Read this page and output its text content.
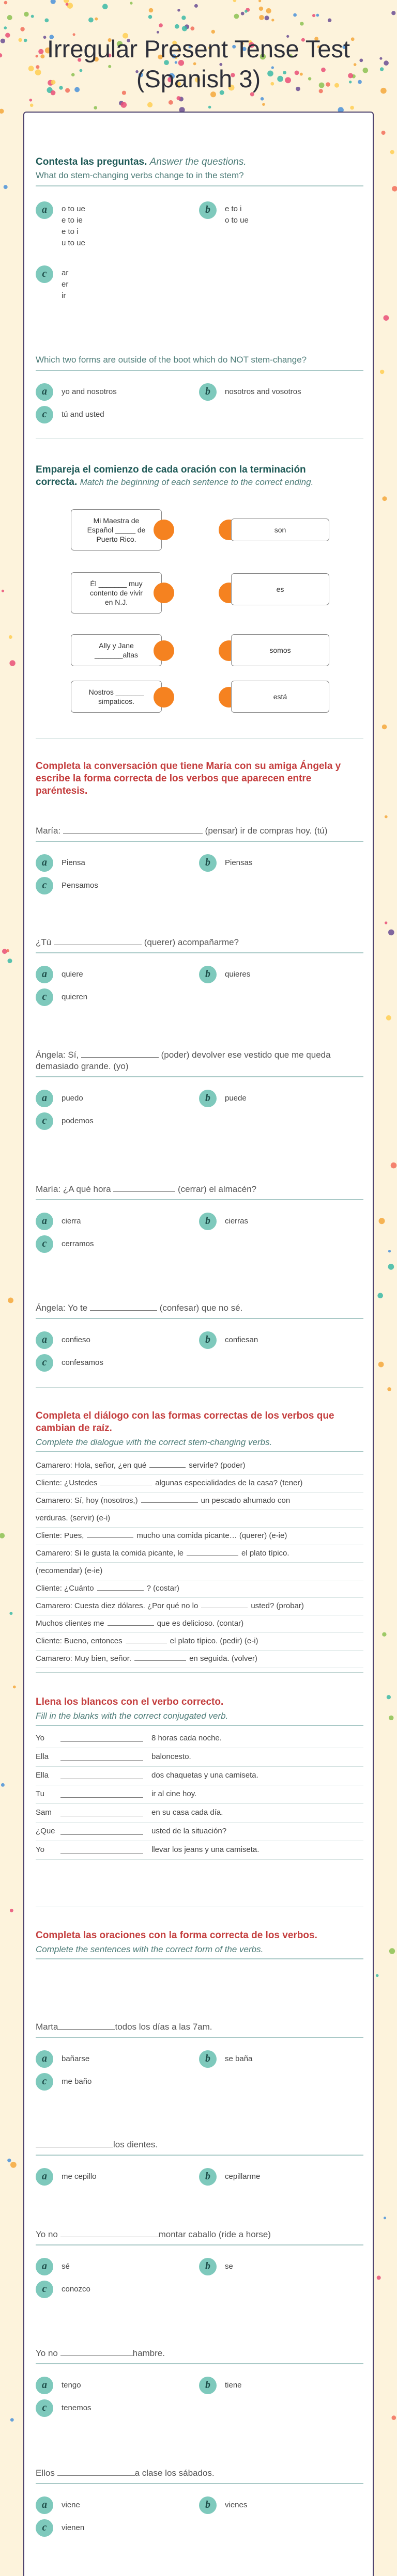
Irregular Present Tense Test
(Spanish 3)
Contesta las preguntas. Answer the questions.
What do stem-changing verbs change to in the stem?
a	o to ue
e to ie
e to i
u to ue
b	e to i
o to ue
c	ar
er
ir
Which two forms are outside of the boot which do NOT stem-change?
a	yo and nosotros	b	nosotros and vosotros
c	tú and usted
Empareja el comienzo de cada oración con la terminación
correcta. Match the beginning of each sentence to the correct ending.
Mi Maestra de
Español _____ de
Puerto Rico.
son
Él _______ muy
contento de vivir
en N.J.
es
Ally y Jane
_______altas
somos
Nostros _______
simpaticos.
está
Completa la conversación que tiene María con su amiga Ángela y
escribe la forma correcta de los verbos que aparecen entre
paréntesis.
María:	(pensar) ir de compras hoy. (tú)
a	Piensa	b	Piensas
c	Pensamos
¿Tú	(querer) acompañarme?
a	quiere	b	quieres
c	quieren
Ángela: Sí,	(poder) devolver ese vestido que me queda
demasiado grande. (yo)
a	puedo	b	puede
c	podemos
María: ¿A qué hora	(cerrar) el almacén?
a	cierra	b	cierras
c	cerramos
Ángela: Yo te	(confesar) que no sé.
a	confieso	b	confiesan
c	confesamos
Completa el diálogo con las formas correctas de los verbos que
cambian de raíz.
Complete the dialogue with the correct stem-changing verbs.
Camarero: Hola, señor, ¿en qué	servirle? (poder)
Cliente: ¿Ustedes	algunas especialidades de la casa? (tener)
Camarero: Sí, hoy (nosotros,)	un pescado ahumado con
verduras. (servir) (e-i)
Cliente: Pues,	mucho una comida picante… (querer) (e-ie)
Camarero: Si le gusta la comida picante, le	el plato típico.
(recomendar) (e-ie)
Cliente: ¿Cuánto	? (costar)
Camarero: Cuesta diez dólares. ¿Por qué no lo	usted? (probar)
Muchos clientes me	que es delicioso. (contar)
Cliente: Bueno, entonces	el plato típico. (pedir) (e-i)
Camarero: Muy bien, señor.	en seguida. (volver)
Llena los blancos con el verbo correcto.
Fill in the blanks with the correct conjugated verb.
Yo	8 horas cada noche.
Ella	baloncesto.
Ella	dos chaquetas y una camiseta.
Tu	ir al cine hoy.
Sam	en su casa cada día.
¿Que	usted de la situación?
Yo	llevar los jeans y una camiseta.
Completa las oraciones con la forma correcta de los verbos.
Complete the sentences with the correct form of the verbs.
Marta	todos los días a las 7am.
a	bañarse	b	se baña
c	me baño
los dientes.
a	me cepillo	b	cepillarme
Yo no	montar caballo (ride a horse)
a	sé	b	se
c	conozco
Yo no	hambre.
a	tengo	b	tiene
c	tenemos
Ellos	a clase los sábados.
a	viene	b	vienes
c	vienen
